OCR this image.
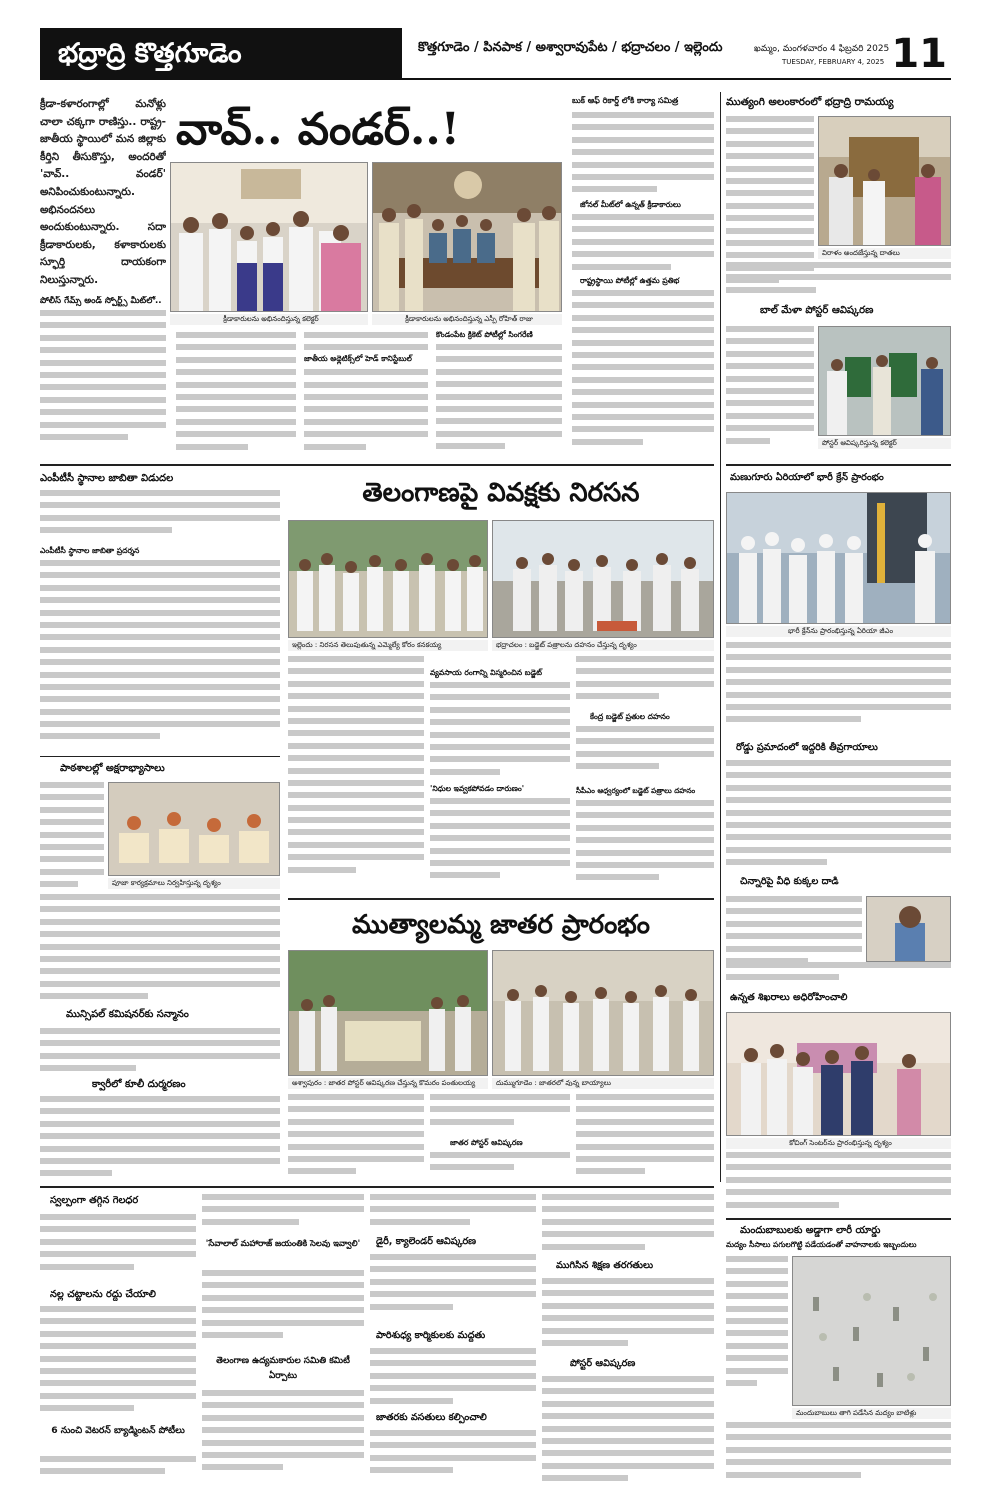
భద్రాద్రి కొత్తగూడెం	కొత్తగూడెం / పినపాక / అశ్వారావుపేట / భద్రాచలం / ఇల్లెందు	ఖమ్మం, మంగళవారం 4 ఫిబ్రవరి 2025
TUESDAY, FEBRUARY 4, 2025 11
క్రీడా-కళారంగాల్లో మనోళ్లు చాలా చక్కగా రాణిస్తు.. రాష్ట్ర-జాతీయ స్థాయిలో మన జిల్లాకు కీర్తిని తీసుకొస్తు, అందరితో 'వావ్.. వండర్' అనిపించుకుంటున్నారు. అభినందనలు అందుకుంటున్నారు. సదా క్రీడాకారులకు, కళాకారులకు స్ఫూర్తి దాయకంగా నిలుస్తున్నారు.
పోలీస్ గేమ్స్ అండ్ స్పోర్ట్స్ మీట్‌లో..
వావ్.. వండర్..!
క్రీడాకారులను అభినందిస్తున్న కలెక్టర్	క్రీడాకారులను అభినందిస్తున్న ఎస్పీ రోహిత్ రాజు
జాతీయ అథ్లెటిక్స్‌లో హెడ్ కానిస్టేబుల్
కొండంపేట క్రికెట్ పోటీల్లో సింగరేణి
బుక్ ఆఫ్ రికార్డ్ లోకి కార్యా సమిత్ర
జోనల్ మీట్‌లో ఉన్నత్ క్రీడాకారులు
రాష్ట్రస్థాయి పోటీల్లో ఉత్తమ ప్రతిభ
ముత్యంగి అలంకారంలో భద్రాద్రి రామయ్య
విరాళం అందజేస్తున్న దాతలు
బాల్ మేళా పోస్టర్ ఆవిష్కరణ
పోస్టర్ ఆవిష్కరిస్తున్న కలెక్టర్
మణుగూరు ఏరియాలో భారీ క్రేన్ ప్రారంభం
భారీ క్రేన్‌ను ప్రారంభిస్తున్న ఏరియా జీఎం
రోడ్డు ప్రమాదంలో ఇద్దరికి తీవ్రగాయాలు
చిన్నారిపై వీధి కుక్కల దాడి
ఉన్నత శిఖరాలు అధిరోహించాలి
కోచింగ్ సెంటర్‌ను ప్రారంభిస్తున్న దృశ్యం
మందుబాబులకు అడ్డాగా లారీ యార్డు
మద్యం సీసాలు పగులగొట్టి పడేయడంతో వాహనాలకు ఇబ్బందులు
మందుబాబులు తాగి పడేసిన మద్యం బాటిళ్లు
ఎంపీటీసీ స్థానాల జాబితా విడుదల
ఎంపీటీసీ స్థానాల జాబితా ప్రదర్శన
పాఠశాలల్లో అక్షరాభ్యాసాలు
పూజా కార్యక్రమాలు నిర్వహిస్తున్న దృశ్యం
మున్సిపల్ కమిషనర్‌కు సన్మానం
క్వారీలో కూలీ దుర్మరణం
తెలంగాణపై వివక్షకు నిరసన
ఇల్లెందు : నిరసన తెలుపుతున్న ఎమ్మెల్యే కోరం కనకయ్య	భద్రాచలం : బడ్జెట్ పత్రాలను దహనం చేస్తున్న దృశ్యం
వ్యవసాయ రంగాన్ని విస్మరించిన బడ్జెట్
'నిధుల ఇవ్వకపోవడం దారుణం'
కేంద్ర బడ్జెట్ ప్రతుల దహనం
సీపీఎం ఆధ్వర్యంలో బడ్జెట్ పత్రాలు దహనం
ముత్యాలమ్మ జాతర ప్రారంభం
అశ్వాపురం : జాతర పోస్టర్ ఆవిష్కరణ చేస్తున్న కొమరం పంతులయ్య	దుమ్ముగూడెం : జాతరలో వున్న బాయ్యాలు
జాతర పోస్టర్ ఆవిష్కరణ
స్వల్పంగా తగ్గిన గెలధర
నల్ల చట్టాలను రద్దు చేయాలి
6 నుంచి వెటరన్ బ్యాడ్మింటన్ పోటీలు
'సేవాలాల్ మహారాజ్ జయంతికి సెలవు ఇవ్వాలి'
తెలంగాణ ఉద్యమకారుల సమితి కమిటీ ఏర్పాటు
డైరీ, క్యాలెండర్ ఆవిష్కరణ
పారిశుధ్య కార్మికులకు మద్దతు
జాతరకు వసతులు కల్పించాలి
ముగిసిన శిక్షణ తరగతులు
పోస్టర్ ఆవిష్కరణ
